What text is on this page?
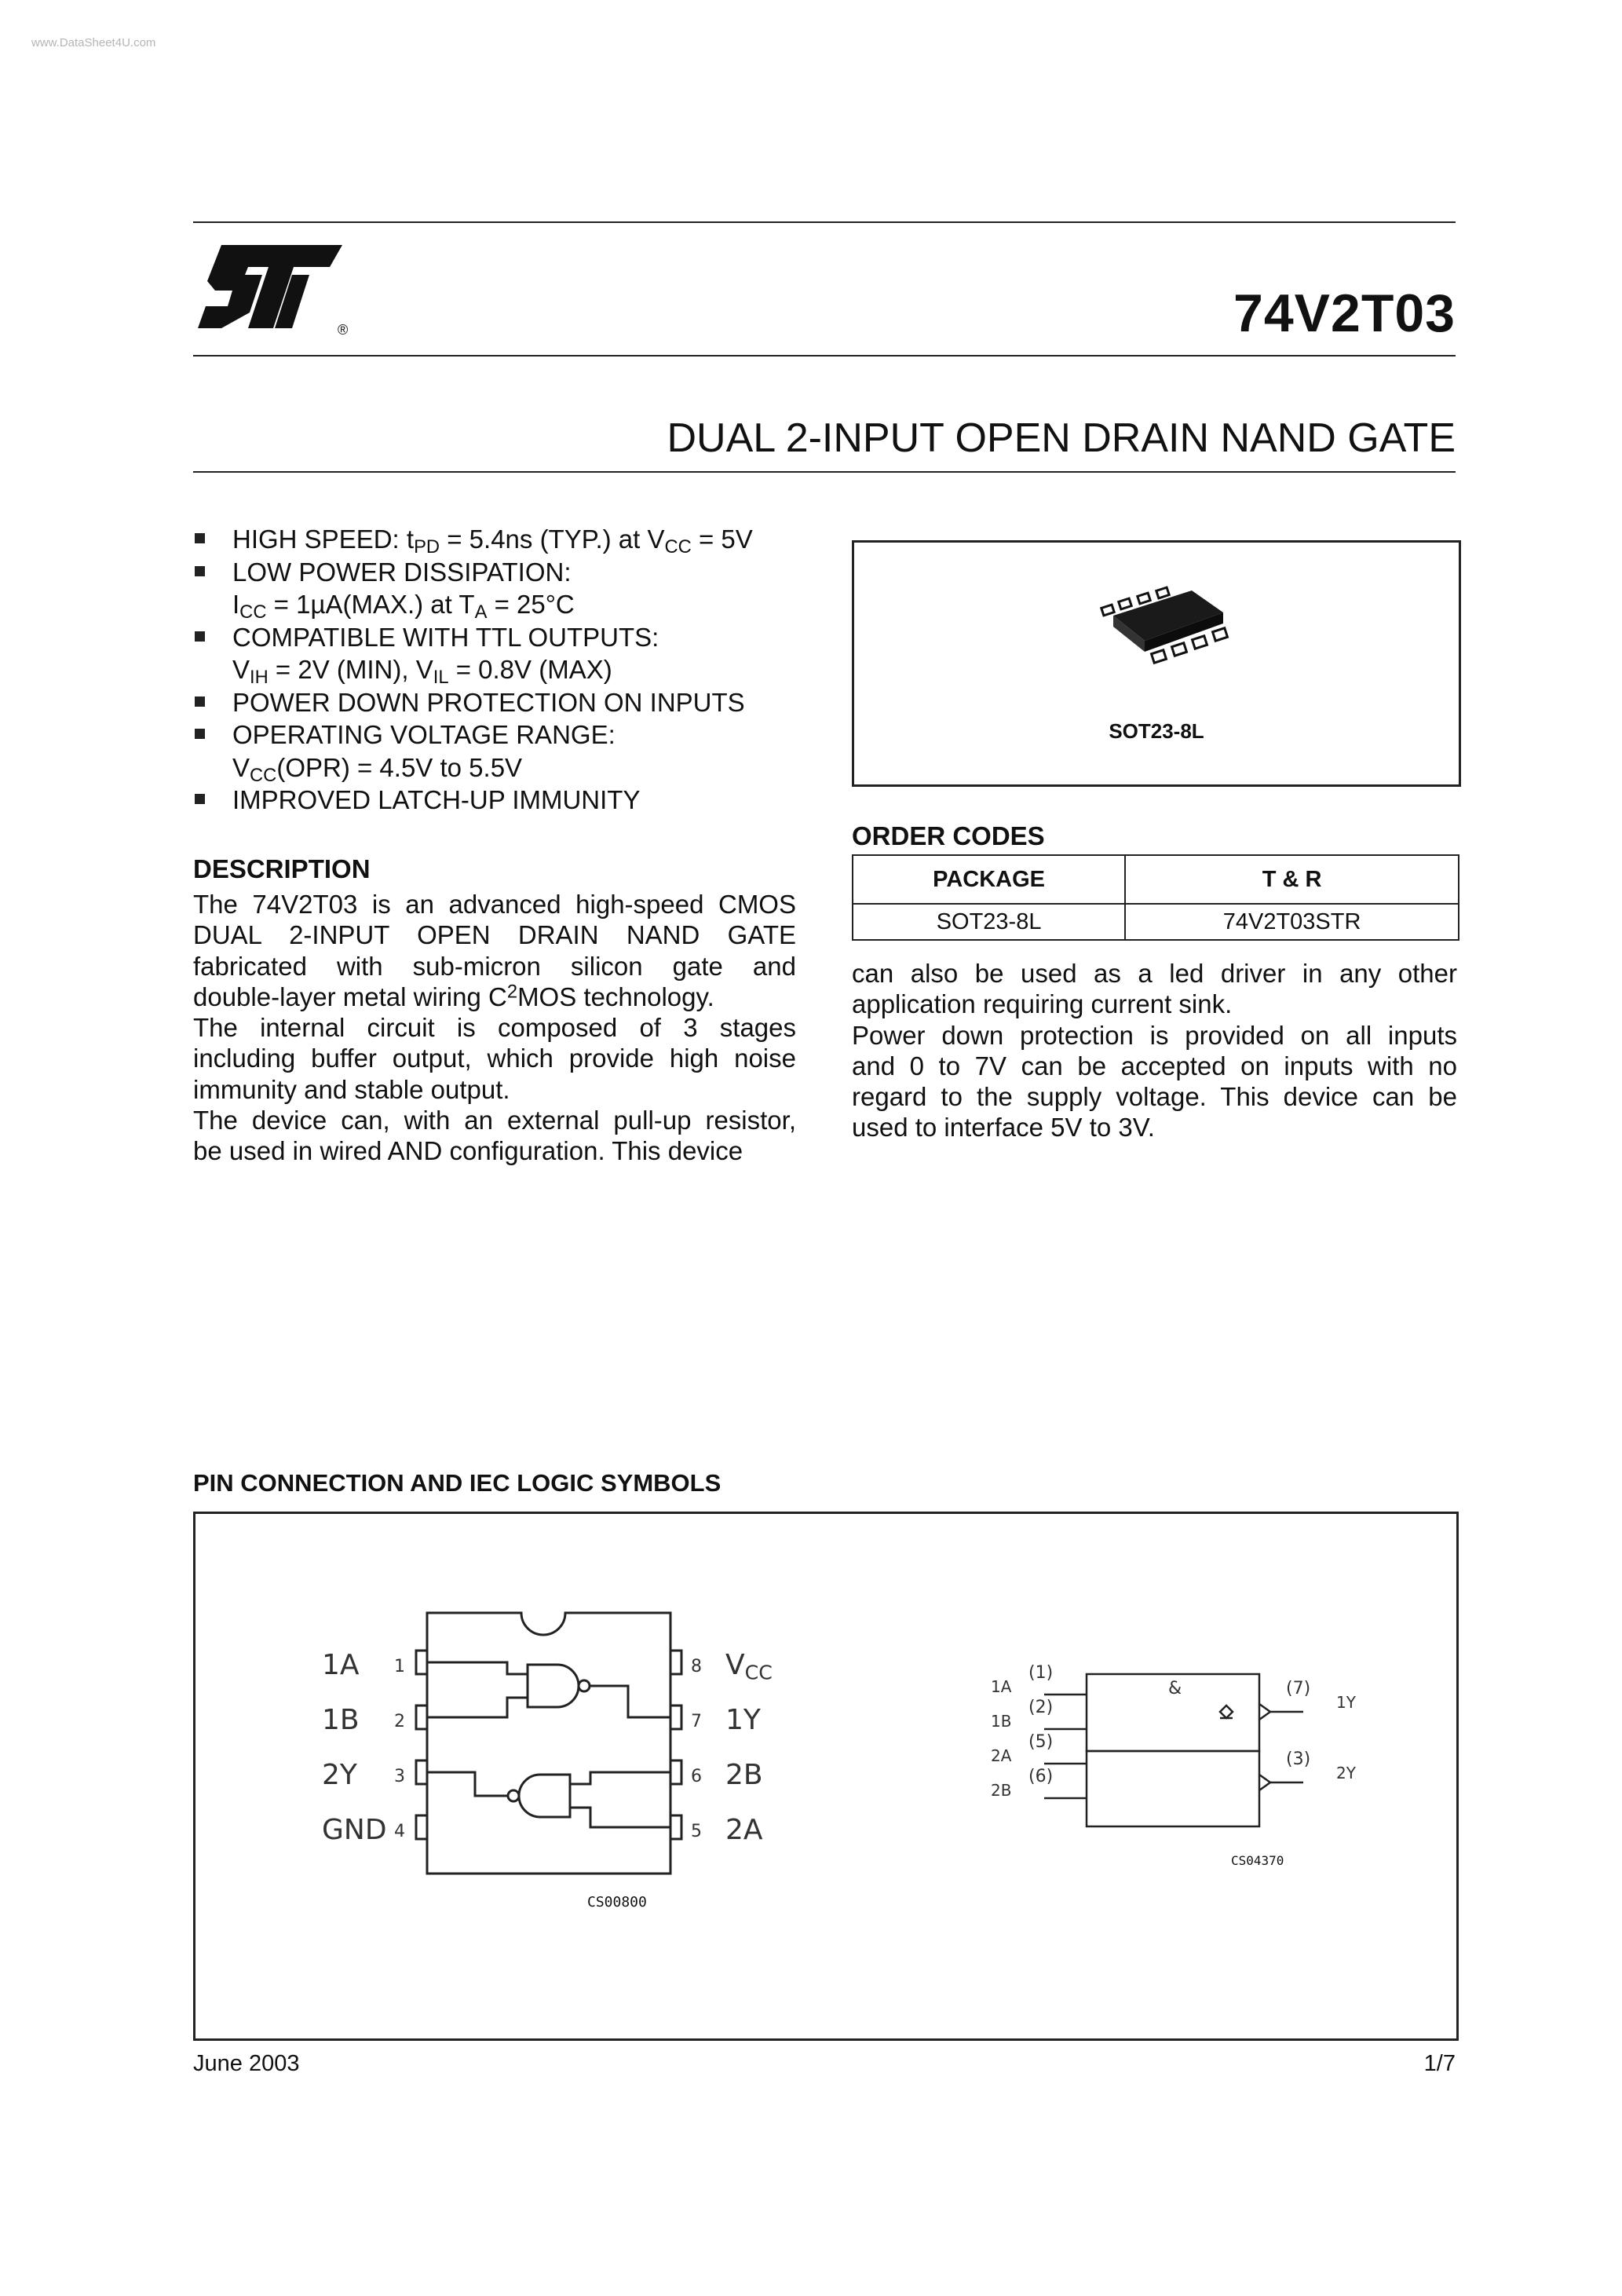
www.DataSheet4U.com
®	74V2T03
DUAL 2-INPUT OPEN DRAIN NAND GATE
HIGH SPEED: $t_{PD} = 5.4ns$ (TYP.) at $V_{CC} = 5V$
LOW POWER DISSIPATION:
$I_{CC} = 1\mu A(MAX.)$ at $T_A = 25^\circ C$
COMPATIBLE WITH TTL OUTPUTS:
$V_{IH} = 2V$ (MIN), $V_{IL} = 0.8V$ (MAX)
POWER DOWN PROTECTION ON INPUTS
OPERATING VOLTAGE RANGE:
$V_{CC}(OPR) = 4.5V$ to 5.5V
IMPROVED LATCH-UP IMMUNITY
DESCRIPTION
The 74V2T03 is an advanced high-speed CMOS
DUAL 2-INPUT OPEN DRAIN NAND GATE
fabricated with sub-micron silicon gate and
double-layer metal wiring $C^2MOS$ technology.
The internal circuit is composed of 3 stages
including buffer output, which provide high noise
immunity and stable output.
The device can, with an external pull-up resistor,
be used in wired AND configuration. This device
SOT23-8L
ORDER CODES
PACKAGE	T & R
SOT23-8L	74V2T03STR
can also be used as a led driver in any other
application requiring current sink.
Power down protection is provided on all inputs
and 0 to 7V can be accepted on inputs with no
regard to the supply voltage. This device can be
used to interface 5V to 3V.
PIN CONNECTION AND IEC LOGIC SYMBOLS
1A 1
1B 2
2Y 3
GND 4
8 $V_{CC}$
7 1Y
6 2B
5 2A
CS00800
1A
(1)
1B
(2)
2A
(5)
2B
(6)
(7)
1Y
(3)
2Y
&
CS04370
June 2003	1/7
